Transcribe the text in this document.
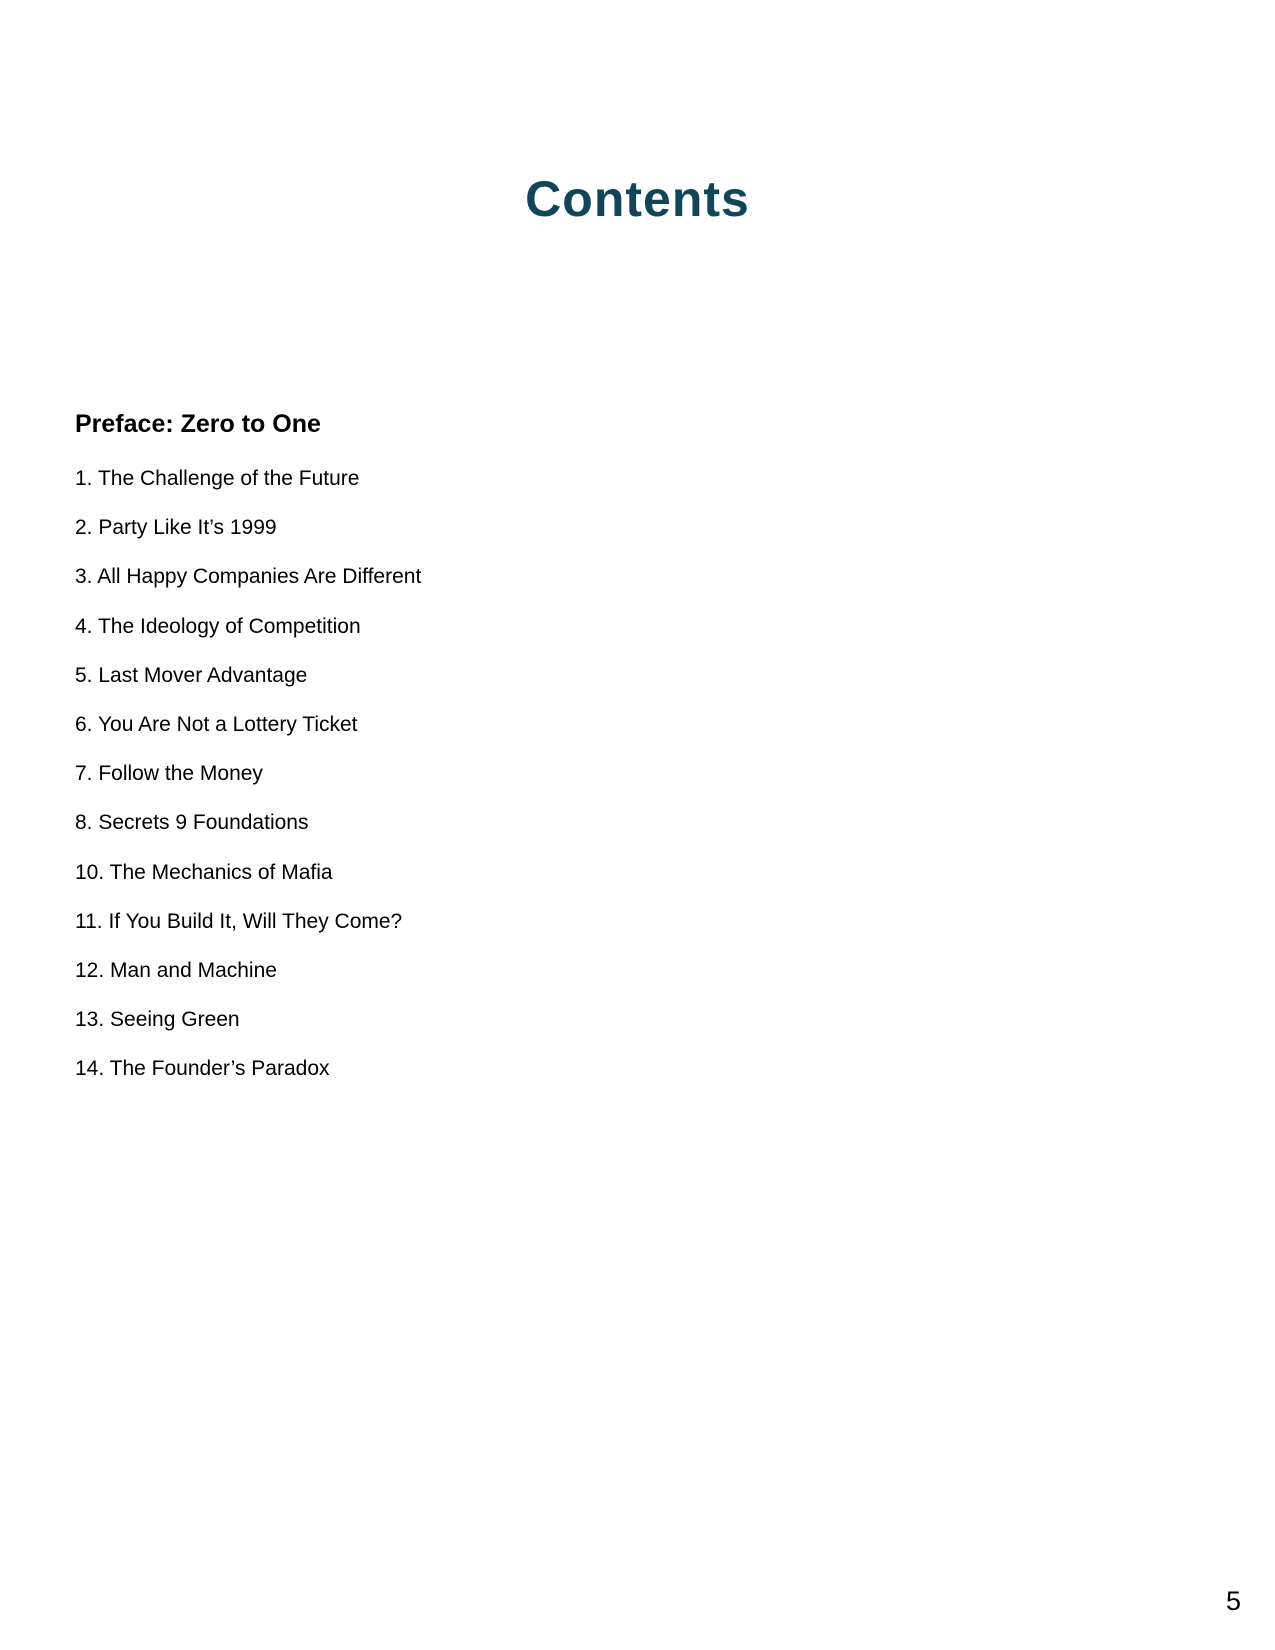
Contents
Preface: Zero to One
1. The Challenge of the Future
2. Party Like It’s 1999
3. All Happy Companies Are Different
4. The Ideology of Competition
5. Last Mover Advantage
6. You Are Not a Lottery Ticket
7. Follow the Money
8. Secrets 9 Foundations
10. The Mechanics of Mafia
11. If You Build It, Will They Come?
12. Man and Machine
13. Seeing Green
14. The Founder’s Paradox
5
